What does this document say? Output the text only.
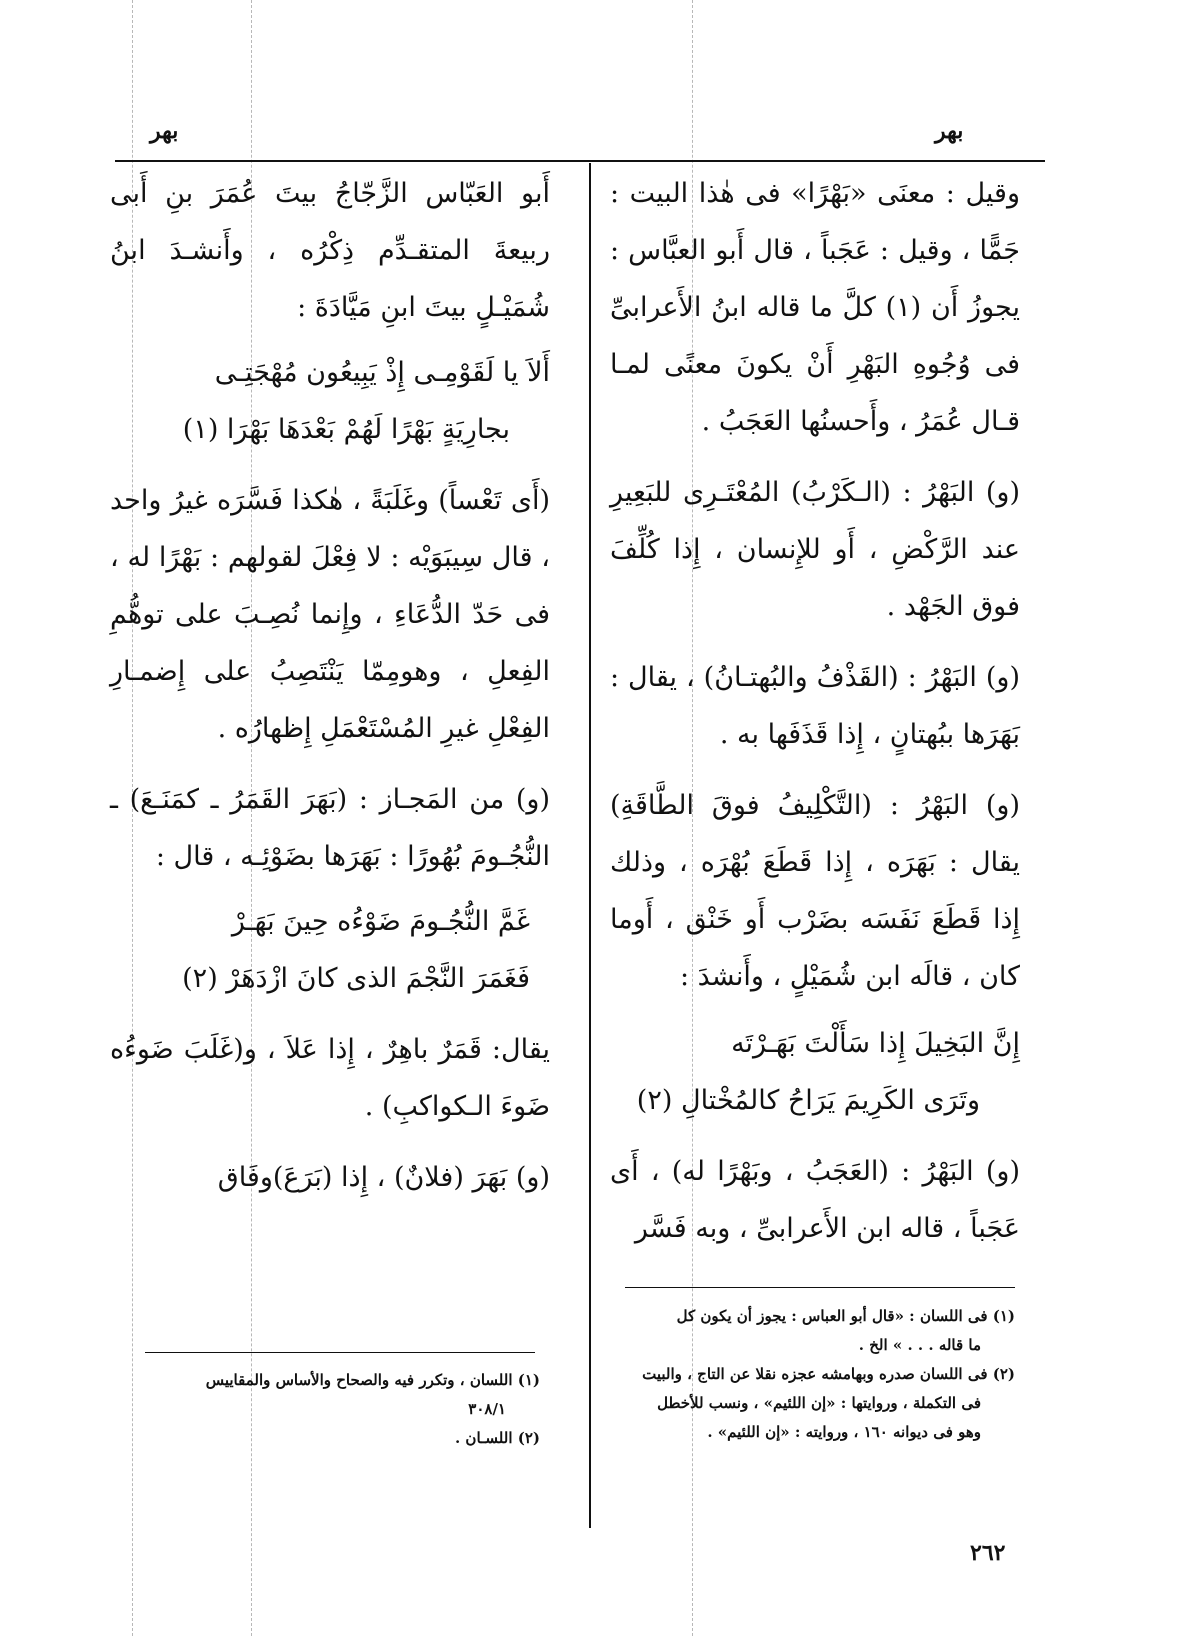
بهر	بهر

وقيل : معنَى «بَهْرًا» فى هٰذا البيت : جَمًّا ، وقيل : عَجَباً ، قال أَبو العبَّاس : يجوزُ أَن (١) كلَّ ما قاله ابنُ الأَعرابىِّ فى وُجُوهِ البَهْرِ أَنْ يكونَ معنًى لمـا قـال عُمَرُ ، وأَحسنُها العَجَبُ .

(و) البَهْرُ : (الـكَرْبُ) المُعْتَـرِى للبَعِيرِ عند الرَّكْضِ ، أَو للإِنسان ، إِذا كُلِّفَ فوق الجَهْد .

(و) البَهْرُ : (القَذْفُ والبُهتـانُ) ، يقال : بَهَرَها ببُهتانٍ ، إِذا قَذَفَها به .

(و) البَهْرُ : (التَّكْلِيفُ فوقَ الطَّاقَةِ) يقال : بَهَرَه ، إِذا قَطَعَ بُهْرَه ، وذلك إِذا قَطَعَ نَفَسَه بضَرْب أَو خَنْق ، أَوما كان ، قالَه ابن شُمَيْلٍ ، وأَنشدَ :

إِنَّ البَخِيلَ إِذا سَأَلْتَ بَهَـرْتَه

وتَرَى الكَرِيمَ يَرَاحُ كالمُخْتالِ (٢)

(و) البَهْرُ : (العَجَبُ ، وبَهْرًا له) ، أَى عَجَباً ، قاله ابن الأَعرابىِّ ، وبه فَسَّر

(١) فى اللسان : «قال أبو العباس : يجوز أن يكون كل

ما قاله . . . » الخ .

(٢) فى اللسان صدره وبهامشه عجزه نقلا عن التاج ، والبيت

فى التكملة ، وروايتها : «إن اللئيم» ، ونسب للأخطل

وهو فى ديوانه ١٦٠ ، وروايته : «إن اللئيم» .

أَبو العَبّاس الزَّجّاجُ بيتَ عُمَرَ بنِ أَبى ربيعةَ المتقـدِّم ذِكْرُه ، وأَنشـدَ ابنُ شُمَيْـلٍ بيتَ ابنِ مَيَّادَةَ :

أَلاَ يا لَقَوْمِـى إِذْ يَبِيعُون مُهْجَتِـى

بجارِيَةٍ بَهْرًا لَهُمْ بَعْدَهَا بَهْرَا (١)

(أَى تَعْساً) وغَلَبَةً ، هٰكذا فَسَّرَه غيرُ واحد ، قال سِيبَوَيْه : لا فِعْلَ لقولهم : بَهْرًا له ، فى حَدّ الدُّعَاءِ ، وإِنما نُصِـبَ على توهُّمِ الفِعلِ ، وهومِمّا يَنْتَصِبُ على إِضمـارِ الفِعْلِ غيرِ المُسْتَعْمَلِ إِظهارُه .

(و) من المَجـاز : (بَهَرَ القَمَرُ ـ كمَنَـعَ) ـ النُّجُـومَ بُهُورًا : بَهَرَها بضَوْئِـه ، قال :

غَمَّ النُّجُـومَ ضَوْءُه حِينَ بَهَـرْ

فَغَمَرَ النَّجْمَ الذى كانَ ازْدَهَرْ (٢)

يقال: قَمَرٌ باهِرٌ ، إِذا عَلاَ ، و(غَلَبَ ضَوءُه ضَوءَ الـكواكبِ) .

(و) بَهَرَ (فلانٌ) ، إِذا (بَرَعَ)وفَاق

(١) اللسان ، وتكرر فيه والصحاح والأساس والمقاييس

٣٠٨/١

(٢) اللسـان .

٢٦٢
